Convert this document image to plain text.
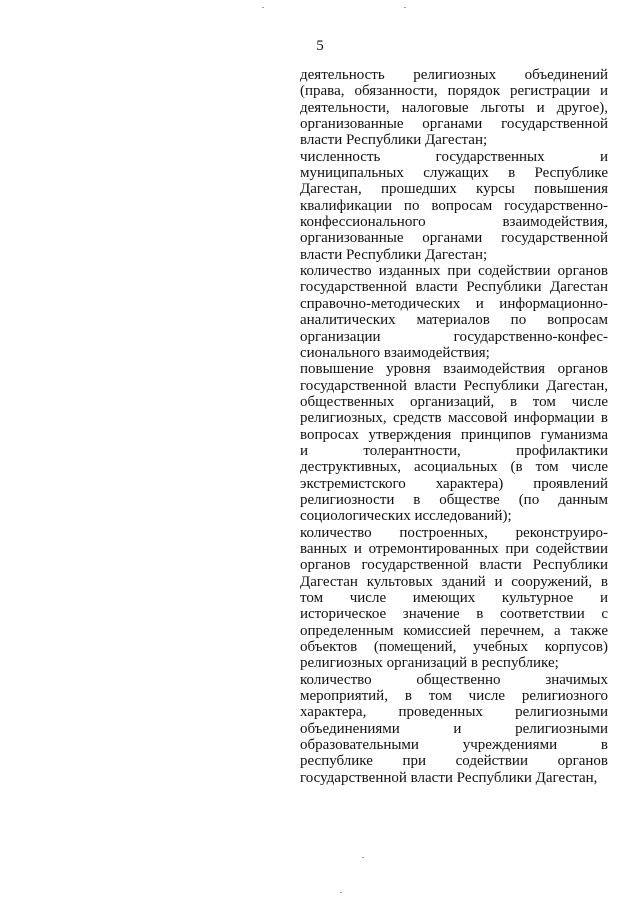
5
деятельность религиозных объединений
(права, обязанности, порядок регистрации и
деятельности, налоговые льготы и другое),
организованные органами государственной
власти Республики Дагестан;
численность государственных и
муниципальных служащих в Республике
Дагестан, прошедших курсы повышения
квалификации по вопросам государственно-
конфессионального взаимодействия,
организованные органами государственной
власти Республики Дагестан;
количество изданных при содействии органов
государственной власти Республики Дагестан
справочно-методических и информационно-
аналитических материалов по вопросам
организации государственно-конфес-
сионального взаимодействия;
повышение уровня взаимодействия органов
государственной власти Республики Дагестан,
общественных организаций, в том числе
религиозных, средств массовой информации в
вопросах утверждения принципов гуманизма
и толерантности, профилактики
деструктивных, асоциальных (в том числе
экстремистского характера) проявлений
религиозности в обществе (по данным
социологических исследований);
количество построенных, реконструиро-
ванных и отремонтированных при содействии
органов государственной власти Республики
Дагестан культовых зданий и сооружений, в
том числе имеющих культурное и
историческое значение в соответствии с
определенным комиссией перечнем, а также
объектов (помещений, учебных корпусов)
религиозных организаций в республике;
количество общественно значимых
мероприятий, в том числе религиозного
характера, проведенных религиозными
объединениями и религиозными
образовательными учреждениями в
республике при содействии органов
государственной власти Республики Дагестан,
